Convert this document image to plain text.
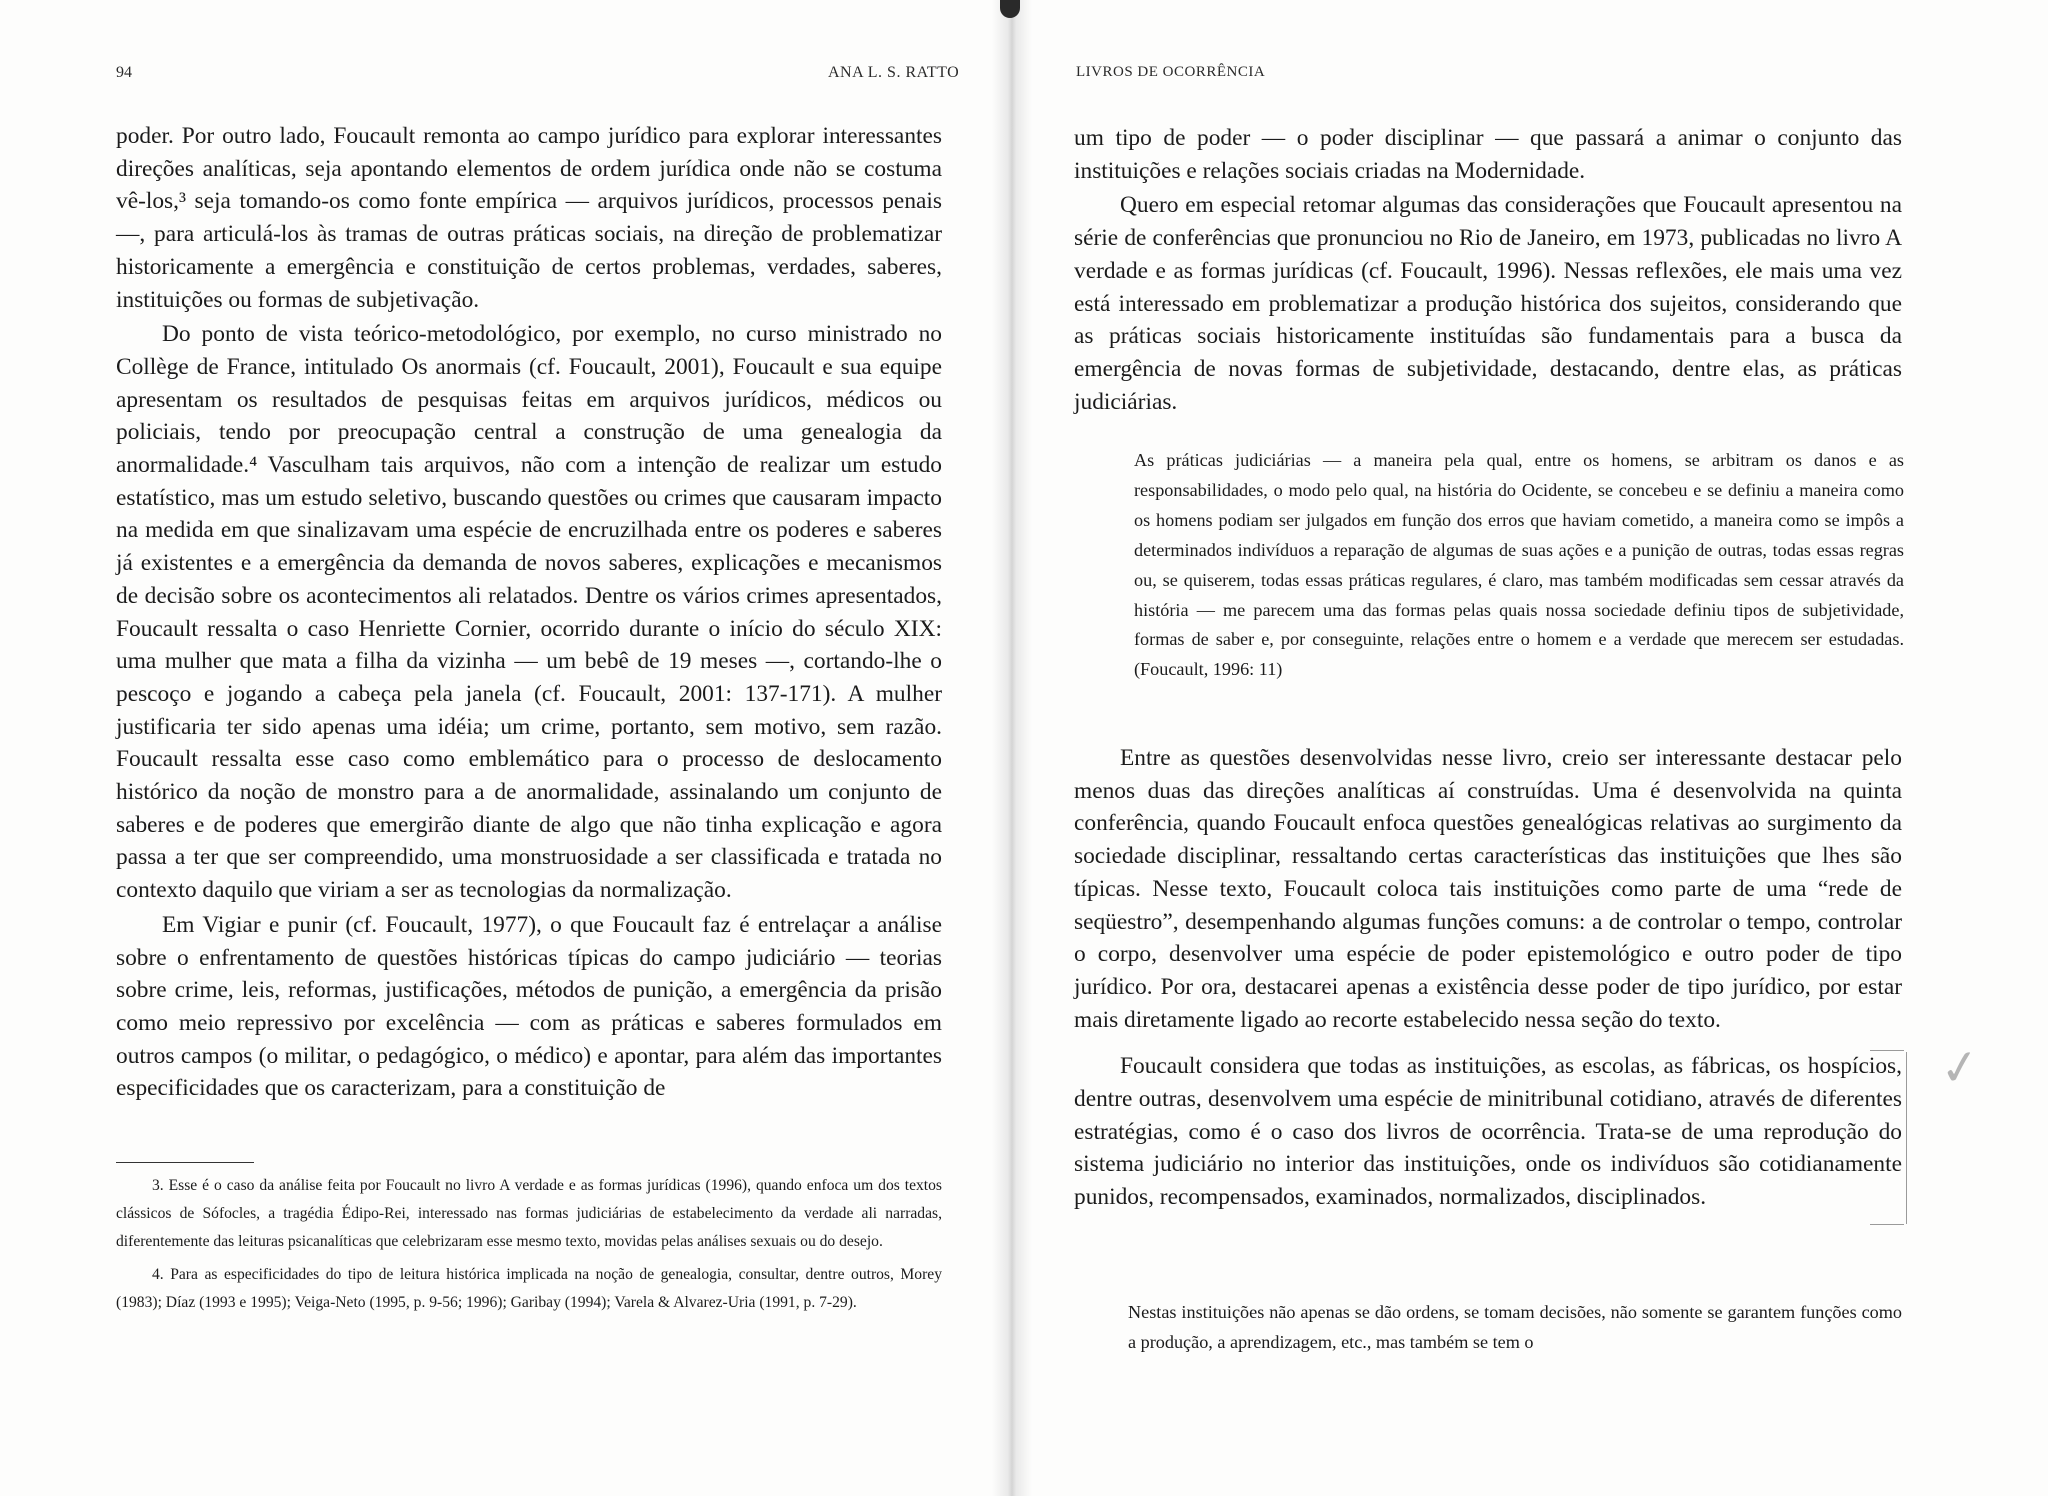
94	ANA L. S. RATTO

poder. Por outro lado, Foucault remonta ao campo jurídico para explorar interessantes direções analíticas, seja apontando elementos de ordem jurídica onde não se costuma vê-los,³ seja tomando-os como fonte empírica — arquivos jurídicos, processos penais —, para articulá-los às tramas de outras práticas sociais, na direção de problematizar historicamente a emergência e constituição de certos problemas, verdades, saberes, instituições ou formas de subjetivação.

Do ponto de vista teórico-metodológico, por exemplo, no curso ministrado no Collège de France, intitulado Os anormais (cf. Foucault, 2001), Foucault e sua equipe apresentam os resultados de pesquisas feitas em arquivos jurídicos, médicos ou policiais, tendo por preocupação central a construção de uma genealogia da anormalidade.⁴ Vasculham tais arquivos, não com a intenção de realizar um estudo estatístico, mas um estudo seletivo, buscando questões ou crimes que causaram impacto na medida em que sinalizavam uma espécie de encruzilhada entre os poderes e saberes já existentes e a emergência da demanda de novos saberes, explicações e mecanismos de decisão sobre os acontecimentos ali relatados. Dentre os vários crimes apresentados, Foucault ressalta o caso Henriette Cornier, ocorrido durante o início do século XIX: uma mulher que mata a filha da vizinha — um bebê de 19 meses —, cortando-lhe o pescoço e jogando a cabeça pela janela (cf. Foucault, 2001: 137-171). A mulher justificaria ter sido apenas uma idéia; um crime, portanto, sem motivo, sem razão. Foucault ressalta esse caso como emblemático para o processo de deslocamento histórico da noção de monstro para a de anormalidade, assinalando um conjunto de saberes e de poderes que emergirão diante de algo que não tinha explicação e agora passa a ter que ser compreendido, uma monstruosidade a ser classificada e tratada no contexto daquilo que viriam a ser as tecnologias da normalização.

Em Vigiar e punir (cf. Foucault, 1977), o que Foucault faz é entrelaçar a análise sobre o enfrentamento de questões históricas típicas do campo judiciário — teorias sobre crime, leis, reformas, justificações, métodos de punição, a emergência da prisão como meio repressivo por excelência — com as práticas e saberes formulados em outros campos (o militar, o pedagógico, o médico) e apontar, para além das importantes especificidades que os caracterizam, para a constituição de

3. Esse é o caso da análise feita por Foucault no livro A verdade e as formas jurídicas (1996), quando enfoca um dos textos clássicos de Sófocles, a tragédia Édipo-Rei, interessado nas formas judiciárias de estabelecimento da verdade ali narradas, diferentemente das leituras psicanalíticas que celebrizaram esse mesmo texto, movidas pelas análises sexuais ou do desejo.

4. Para as especificidades do tipo de leitura histórica implicada na noção de genealogia, consultar, dentre outros, Morey (1983); Díaz (1993 e 1995); Veiga-Neto (1995, p. 9-56; 1996); Garibay (1994); Varela & Alvarez-Uria (1991, p. 7-29).

LIVROS DE OCORRÊNCIA

um tipo de poder — o poder disciplinar — que passará a animar o conjunto das instituições e relações sociais criadas na Modernidade.

Quero em especial retomar algumas das considerações que Foucault apresentou na série de conferências que pronunciou no Rio de Janeiro, em 1973, publicadas no livro A verdade e as formas jurídicas (cf. Foucault, 1996). Nessas reflexões, ele mais uma vez está interessado em problematizar a produção histórica dos sujeitos, considerando que as práticas sociais historicamente instituídas são fundamentais para a busca da emergência de novas formas de subjetividade, destacando, dentre elas, as práticas judiciárias.

As práticas judiciárias — a maneira pela qual, entre os homens, se arbitram os danos e as responsabilidades, o modo pelo qual, na história do Ocidente, se concebeu e se definiu a maneira como os homens podiam ser julgados em função dos erros que haviam cometido, a maneira como se impôs a determinados indivíduos a reparação de algumas de suas ações e a punição de outras, todas essas regras ou, se quiserem, todas essas práticas regulares, é claro, mas também modificadas sem cessar através da história — me parecem uma das formas pelas quais nossa sociedade definiu tipos de subjetividade, formas de saber e, por conseguinte, relações entre o homem e a verdade que merecem ser estudadas. (Foucault, 1996: 11)

Entre as questões desenvolvidas nesse livro, creio ser interessante destacar pelo menos duas das direções analíticas aí construídas. Uma é desenvolvida na quinta conferência, quando Foucault enfoca questões genealógicas relativas ao surgimento da sociedade disciplinar, ressaltando certas características das instituições que lhes são típicas. Nesse texto, Foucault coloca tais instituições como parte de uma “rede de seqüestro”, desempenhando algumas funções comuns: a de controlar o tempo, controlar o corpo, desenvolver uma espécie de poder epistemológico e outro poder de tipo jurídico. Por ora, destacarei apenas a existência desse poder de tipo jurídico, por estar mais diretamente ligado ao recorte estabelecido nessa seção do texto.

Foucault considera que todas as instituições, as escolas, as fábricas, os hospícios, dentre outras, desenvolvem uma espécie de minitribunal cotidiano, através de diferentes estratégias, como é o caso dos livros de ocorrência. Trata-se de uma reprodução do sistema judiciário no interior das instituições, onde os indivíduos são cotidianamente punidos, recompensados, examinados, normalizados, disciplinados.

Nestas instituições não apenas se dão ordens, se tomam decisões, não somente se garantem funções como a produção, a aprendizagem, etc., mas também se tem o
✓
